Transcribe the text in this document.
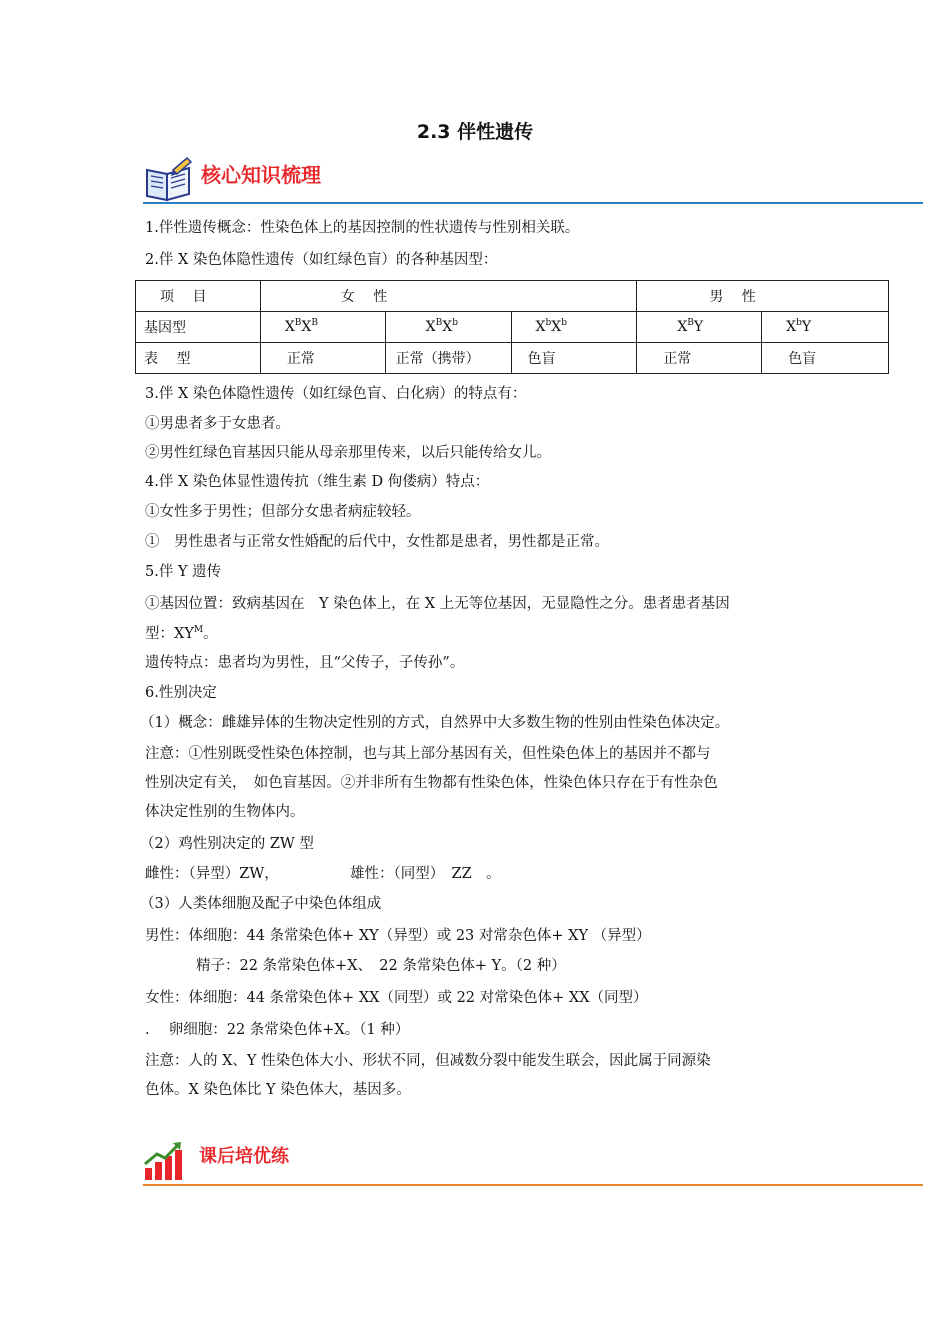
2.3 伴性遗传
核心知识梳理
1.伴性遗传概念：性染色体上的基因控制的性状遗传与性别相关联。
2.伴 X 染色体隐性遗传（如红绿色盲）的各种基因型：
项　 目	女　 性			男　 性	
基因型	$X^BX^B$	$X^BX^b$	$X^bX^b$	$X^BY$	$X^bY$
表　 型	正常	正常（携带）	色盲	正常	色盲
3.伴 X 染色体隐性遗传（如红绿色盲、白化病）的特点有：
①男患者多于女患者。
②男性红绿色盲基因只能从母亲那里传来，以后只能传给女儿。
4.伴 X 染色体显性遗传抗（维生素 D 佝偻病）特点：
①女性多于男性；但部分女患者病症较轻。
①　男性患者与正常女性婚配的后代中，女性都是患者，男性都是正常。
5.伴 Y 遗传
①基因位置：致病基因在　Y 染色体上，在 X 上无等位基因，无显隐性之分。患者患者基因
型：$XY^M$。
遗传特点：患者均为男性，且“父传子，子传孙”。
6.性别决定
（1）概念：雌雄异体的生物决定性别的方式，自然界中大多数生物的性别由性染色体决定。
注意：①性别既受性染色体控制，也与其上部分基因有关，但性染色体上的基因并不都与
性别决定有关，　如色盲基因。②并非所有生物都有性染色体，性染色体只存在于有性杂色
体决定性别的生物体内。
（2）鸡性别决定的 ZW 型
雌性：（异型）ZW，	雄性：（同型）　ZZ　。
（3）人类体细胞及配子中染色体组成
男性：体细胞：44 条常染色体+ XY（异型）或 23 对常杂色体+ XY （异型）
精子：22 条常染色体+X、　22 条常染色体+ Y。（2 种）
女性：体细胞：44 条常染色体+ XX（同型）或 22 对常染色体+ XX（同型）
.　 卵细胞：22 条常染色体+X。（1 种）
注意：人的 X、Y 性染色体大小、形状不同，但减数分裂中能发生联会，因此属于同源染
色体。X 染色体比 Y 染色体大，基因多。
课后培优练
